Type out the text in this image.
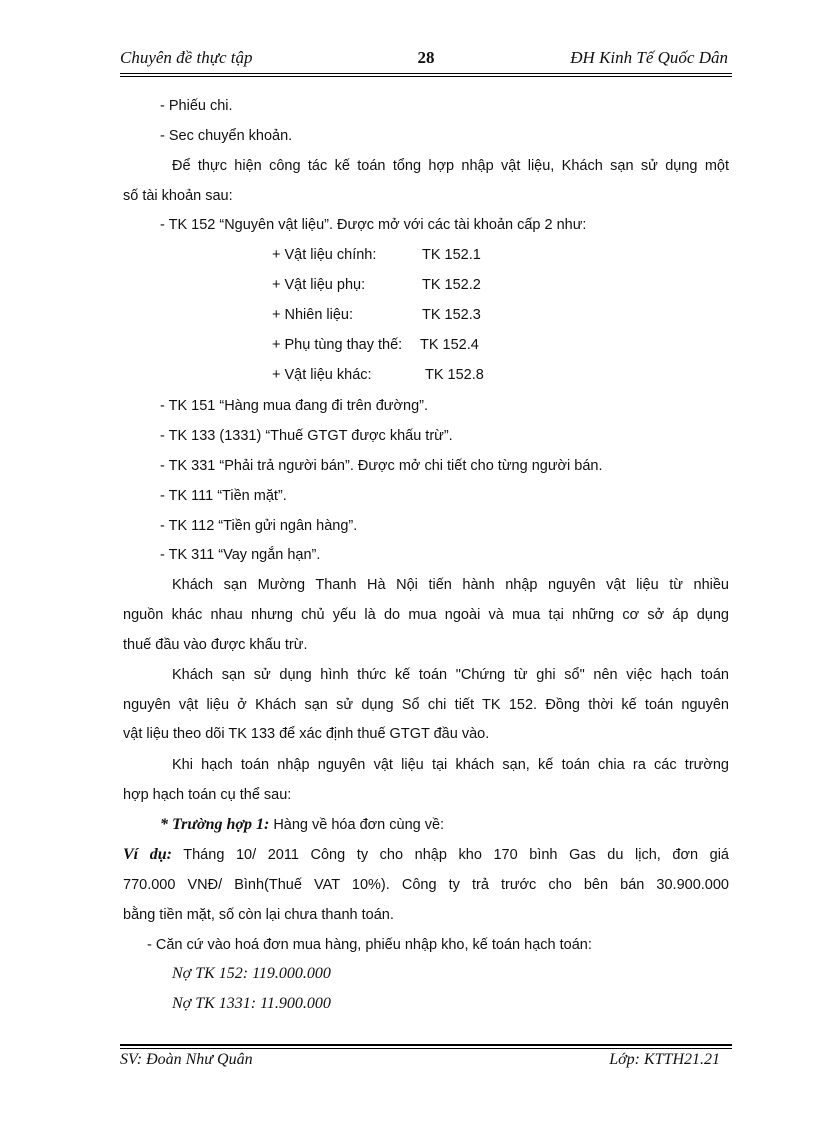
Chuyên đề thực tập	28	ĐH Kinh Tế Quốc Dân
- Phiếu chi.
- Sec chuyển khoản.
Để thực hiện công tác kế toán tổng hợp nhập vật liệu, Khách sạn sử dụng một
số tài khoản sau:
- TK 152 “Nguyên vật liệu”. Được mở với các tài khoản cấp 2 như:
+ Vật liệu chính:	TK 152.1
+ Vật liệu phụ:	TK 152.2
+ Nhiên liệu:	TK 152.3
+ Phụ tùng thay thế: TK 152.4
+ Vật liệu khác:	TK 152.8
- TK 151 “Hàng mua đang đi trên đường”.
- TK 133 (1331) “Thuế GTGT được khấu trừ”.
- TK 331 “Phải trả người bán”. Được mở chi tiết cho từng người bán.
- TK 111 “Tiền mặt”.
- TK 112 “Tiền gửi ngân hàng”.
- TK 311 “Vay ngắn hạn”.
Khách sạn Mường Thanh Hà Nội tiến hành nhập nguyên vật liệu từ nhiều
nguồn khác nhau nhưng chủ yếu là do mua ngoài và mua tại những cơ sở áp dụng
thuế đầu vào được khấu trừ.
Khách sạn sử dụng hình thức kế toán "Chứng từ ghi sổ" nên việc hạch toán
nguyên vật liệu ở Khách sạn sử dụng Sổ chi tiết TK 152. Đồng thời kế toán nguyên
vật liệu theo dõi TK 133 để xác định thuế GTGT đầu vào.
Khi hạch toán nhập nguyên vật liệu tại khách sạn, kế toán chia ra các trường
hợp hạch toán cụ thể sau:
* Trường hợp 1: Hàng về hóa đơn cùng về:
Ví dụ: Tháng 10/ 2011 Công ty cho nhập kho 170 bình Gas du lịch, đơn giá
770.000 VNĐ/ Bình(Thuế VAT 10%). Công ty trả trước cho bên bán 30.900.000
bằng tiền mặt, số còn lại chưa thanh toán.
- Căn cứ vào hoá đơn mua hàng, phiếu nhập kho, kế toán hạch toán:
Nợ TK 152: 119.000.000
Nợ TK 1331: 11.900.000
SV: Đoàn Như Quân	Lớp: KTTH21.21
